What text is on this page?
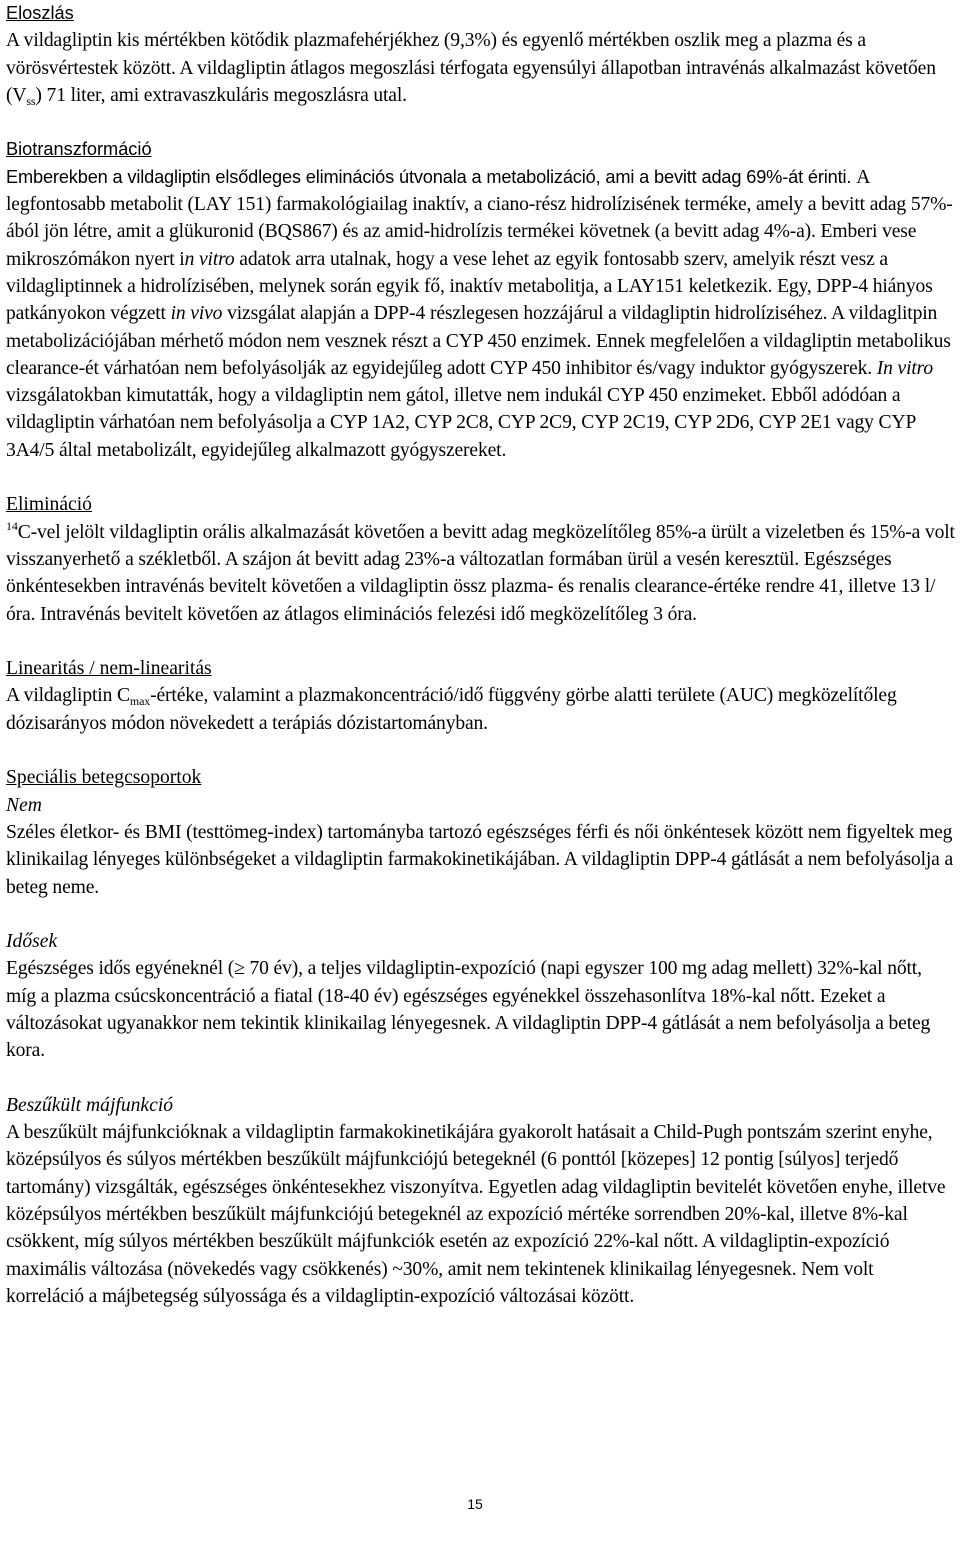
Eloszlás

A vildagliptin kis mértékben kötődik plazmafehérjékhez (9,3%) és egyenlő mértékben oszlik meg a plazma és a vörösvértestek között. A vildagliptin átlagos megoszlási térfogata egyensúlyi állapotban intravénás alkalmazást követően $(V_{ss})$ 71 liter, ami extravaszkuláris megoszlásra utal.

Biotranszformáció

Emberekben a vildagliptin elsődleges eliminációs útvonala a metabolizáció, ami a bevitt adag 69%-át érinti. A legfontosabb metabolit (LAY 151) farmakológiailag inaktív, a ciano-rész hidrolízisének terméke, amely a bevitt adag 57%-ából jön létre, amit a glükuronid (BQS867) és az amid-hidrolízis termékei követnek (a bevitt adag 4%-a). Emberi vese mikroszómákon nyert in vitro adatok arra utalnak, hogy a vese lehet az egyik fontosabb szerv, amelyik részt vesz a vildagliptinnek a hidrolízisében, melynek során egyik fő, inaktív metabolitja, a LAY151 keletkezik. Egy, DPP-4 hiányos patkányokon végzett in vivo vizsgálat alapján a DPP-4 részlegesen hozzájárul a vildagliptin hidrolíziséhez. A vildaglitpin metabolizációjában mérhető módon nem vesznek részt a CYP 450 enzimek. Ennek megfelelően a vildagliptin metabolikus clearance-ét várhatóan nem befolyásolják az egyidejűleg adott CYP 450 inhibitor és/vagy induktor gyógyszerek. In vitro vizsgálatokban kimutatták, hogy a vildagliptin nem gátol, illetve nem indukál CYP 450 enzimeket. Ebből adódóan a vildagliptin várhatóan nem befolyásolja a CYP 1A2, CYP 2C8, CYP 2C9, CYP 2C19, CYP 2D6, CYP 2E1 vagy CYP 3A4/5 által metabolizált, egyidejűleg alkalmazott gyógyszereket.

Elimináció

$^{14}$C-vel jelölt vildagliptin orális alkalmazását követően a bevitt adag megközelítőleg 85%-a ürült a vizeletben és 15%-a volt visszanyerhető a székletből. A szájon át bevitt adag 23%-a változatlan formában ürül a vesén keresztül. Egészséges önkéntesekben intravénás bevitelt követően a vildagliptin össz plazma- és renalis clearance-értéke rendre 41, illetve 13 l/óra. Intravénás bevitelt követően az átlagos eliminációs felezési idő megközelítőleg 3 óra.

Linearitás / nem-linearitás

A vildagliptin $C_{max}$-értéke, valamint a plazmakoncentráció/idő függvény görbe alatti területe (AUC) megközelítőleg dózisarányos módon növekedett a terápiás dózistartományban.

Speciális betegcsoportok

Nem

Széles életkor- és BMI (testtömeg-index) tartományba tartozó egészséges férfi és női önkéntesek között nem figyeltek meg klinikailag lényeges különbségeket a vildagliptin farmakokinetikájában. A vildagliptin DPP-4 gátlását a nem befolyásolja a beteg neme.

Idősek

Egészséges idős egyéneknél (≥ 70 év), a teljes vildagliptin-expozíció (napi egyszer 100 mg adag mellett) 32%-kal nőtt, míg a plazma csúcskoncentráció a fiatal (18-40 év) egészséges egyénekkel összehasonlítva 18%-kal nőtt. Ezeket a változásokat ugyanakkor nem tekintik klinikailag lényegesnek. A vildagliptin DPP-4 gátlását a nem befolyásolja a beteg kora.

Beszűkült májfunkció

A beszűkült májfunkcióknak a vildagliptin farmakokinetikájára gyakorolt hatásait a Child-Pugh pontszám szerint enyhe, középsúlyos és súlyos mértékben beszűkült májfunkciójú betegeknél (6 ponttól [közepes] 12 pontig [súlyos] terjedő tartomány) vizsgálták, egészséges önkéntesekhez viszonyítva. Egyetlen adag vildagliptin bevitelét követően enyhe, illetve középsúlyos mértékben beszűkült májfunkciójú betegeknél az expozíció mértéke sorrendben 20%-kal, illetve 8%-kal csökkent, míg súlyos mértékben beszűkült májfunkciók esetén az expozíció 22%-kal nőtt. A vildagliptin-expozíció maximális változása (növekedés vagy csökkenés) ~30%, amit nem tekintenek klinikailag lényegesnek. Nem volt korreláció a májbetegség súlyossága és a vildagliptin-expozíció változásai között.

15
